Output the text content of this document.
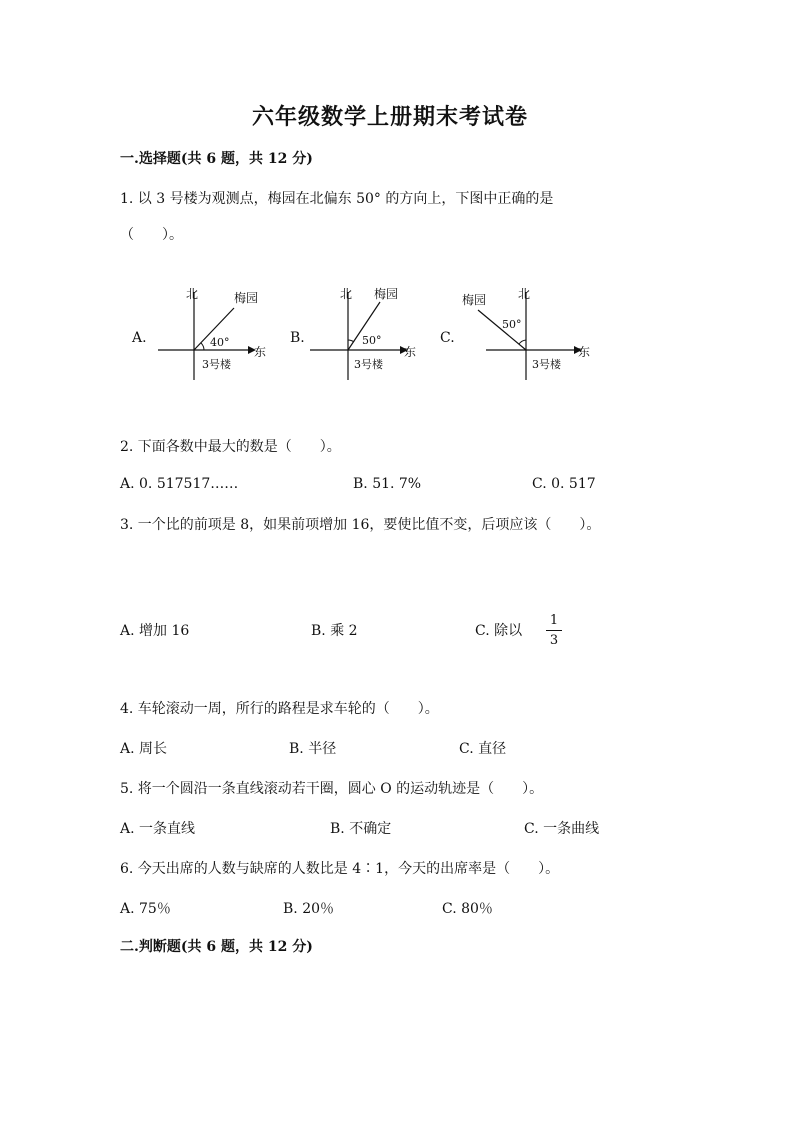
六年级数学上册期末考试卷
一.选择题(共 6 题，共 12 分)
1. 以 3 号楼为观测点，梅园在北偏东 50° 的方向上，下图中正确的是
（　　）。
A.
北
东
梅园
40°
3号楼
B.
北
东
梅园
50°
3号楼
C.
北
东
梅园
50°
3号楼
2. 下面各数中最大的数是（　　）。
A. 0. 517517……	B. 51. 7%	C. 0. 517
3. 一个比的前项是 8，如果前项增加 16，要使比值不变，后项应该（　　）。
A. 增加 16	B. 乘 2	C. 除以
1
3
4. 车轮滚动一周，所行的路程是求车轮的（　　）。
A. 周长	B. 半径	C. 直径
5. 将一个圆沿一条直线滚动若干圈，圆心 O 的运动轨迹是（　　）。
A. 一条直线	B. 不确定	C. 一条曲线
6. 今天出席的人数与缺席的人数比是 4∶1，今天的出席率是（　　）。
A. 75％	B. 20％	C. 80％
二.判断题(共 6 题，共 12 分)
